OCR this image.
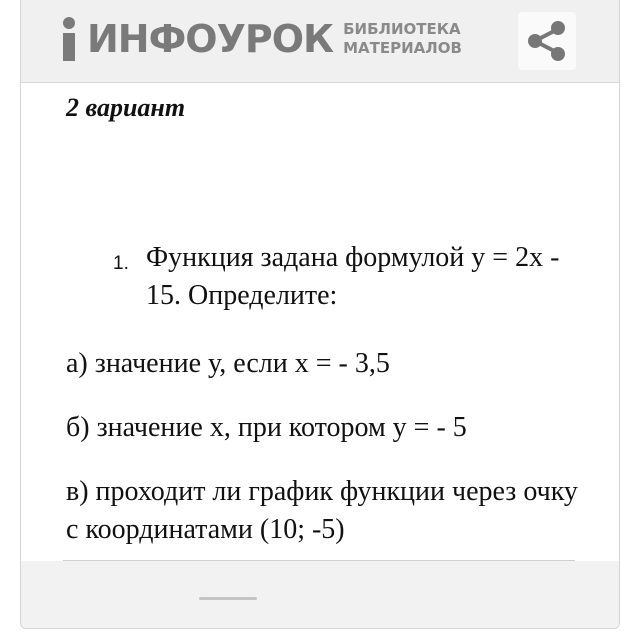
ИНФОУРОК БИБЛИОТЕКА
МАТЕРИАЛОВ
2 вариант
1. Функция задана формулой у = 2х - 15. Определите:
а) значение у, если х = - 3,5
б) значение х, при котором у = - 5
в) проходит ли график функции через очку с координатами (10; -5)
